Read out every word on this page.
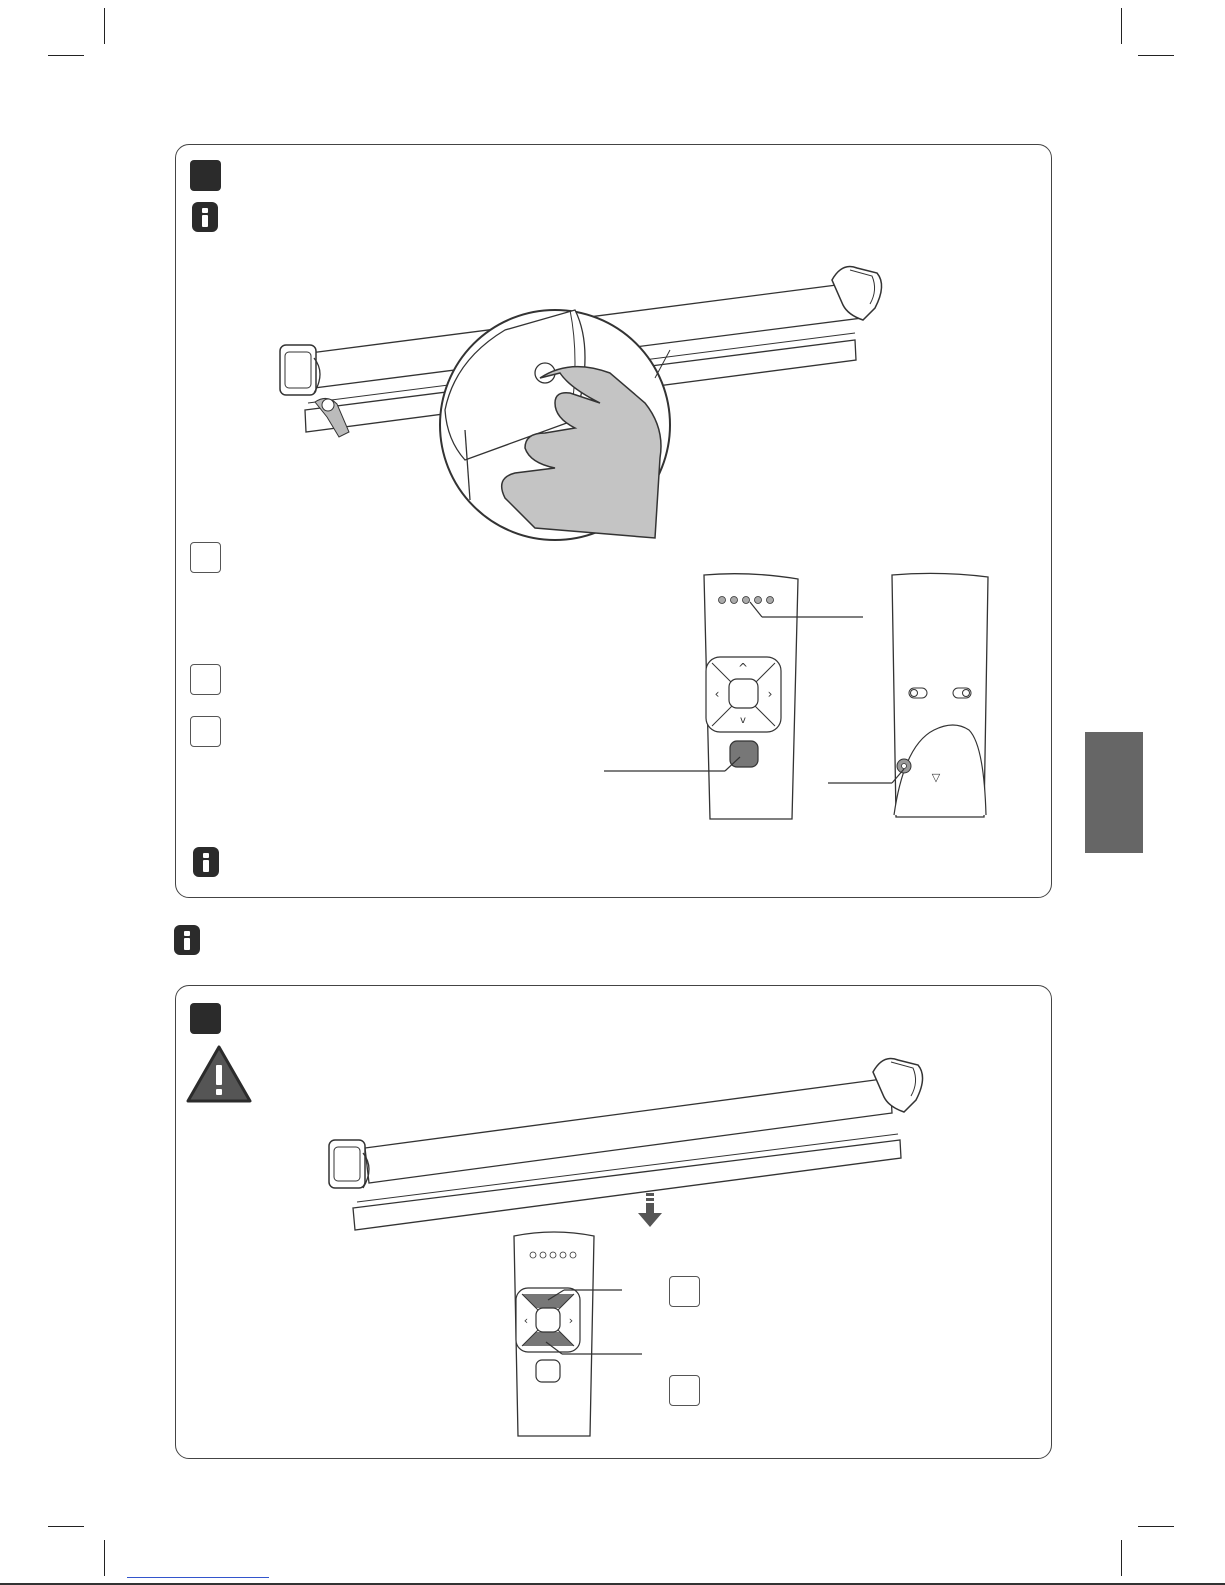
^
v
‹	›
▽
‹	›
